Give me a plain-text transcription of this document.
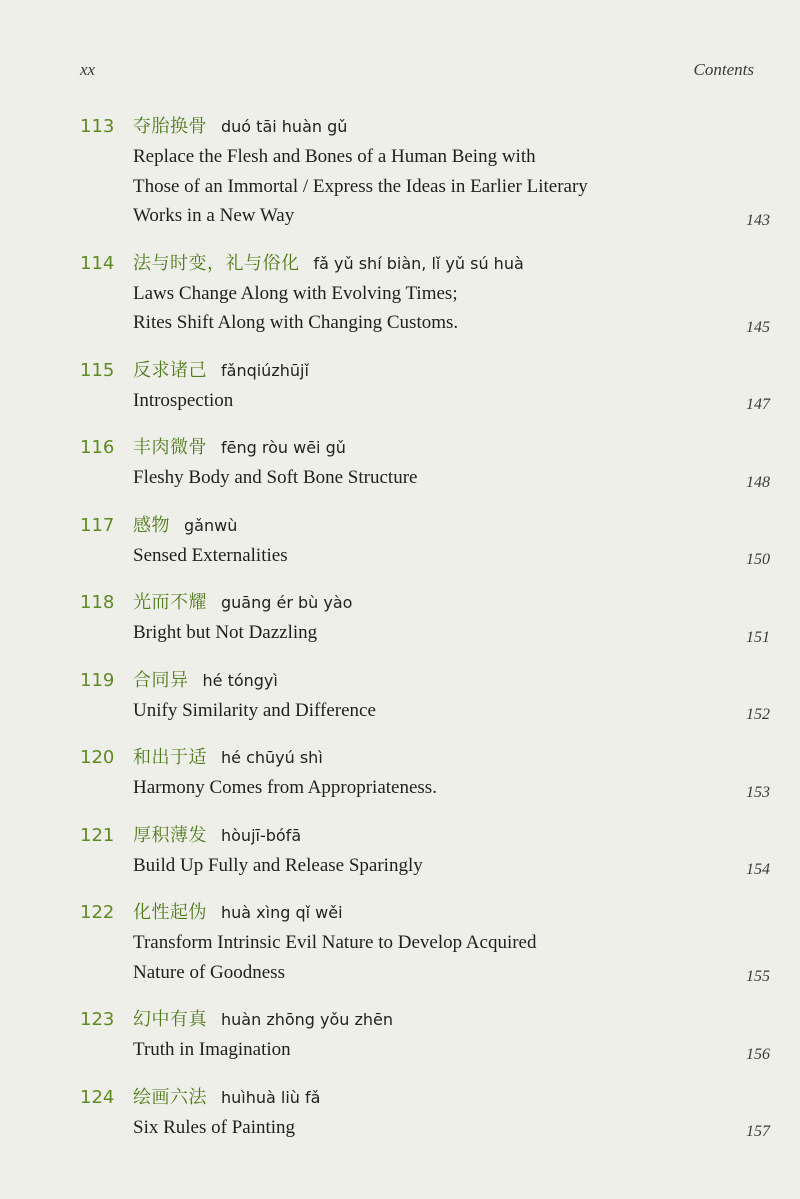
xx	Contents
113	夺胎换骨 duó tāi huàn gǔ
Replace the Flesh and Bones of a Human Being with
Those of an Immortal / Express the Ideas in Earlier Literary
Works in a New Way	143
114	法与时变，礼与俗化 fǎ yǔ shí biàn, lǐ yǔ sú huà
Laws Change Along with Evolving Times;
Rites Shift Along with Changing Customs.	145
115	反求诸己 fǎnqiúzhūjǐ
Introspection	147
116	丰肉微骨 fēng ròu wēi gǔ
Fleshy Body and Soft Bone Structure	148
117	感物 gǎnwù
Sensed Externalities	150
118	光而不耀 guāng ér bù yào
Bright but Not Dazzling	151
119	合同异 hé tóngyì
Unify Similarity and Difference	152
120	和出于适 hé chūyú shì
Harmony Comes from Appropriateness.	153
121	厚积薄发 hòujī-bófā
Build Up Fully and Release Sparingly	154
122	化性起伪 huà xìng qǐ wěi
Transform Intrinsic Evil Nature to Develop Acquired
Nature of Goodness	155
123	幻中有真 huàn zhōng yǒu zhēn
Truth in Imagination	156
124	绘画六法 huìhuà liù fǎ
Six Rules of Painting	157
